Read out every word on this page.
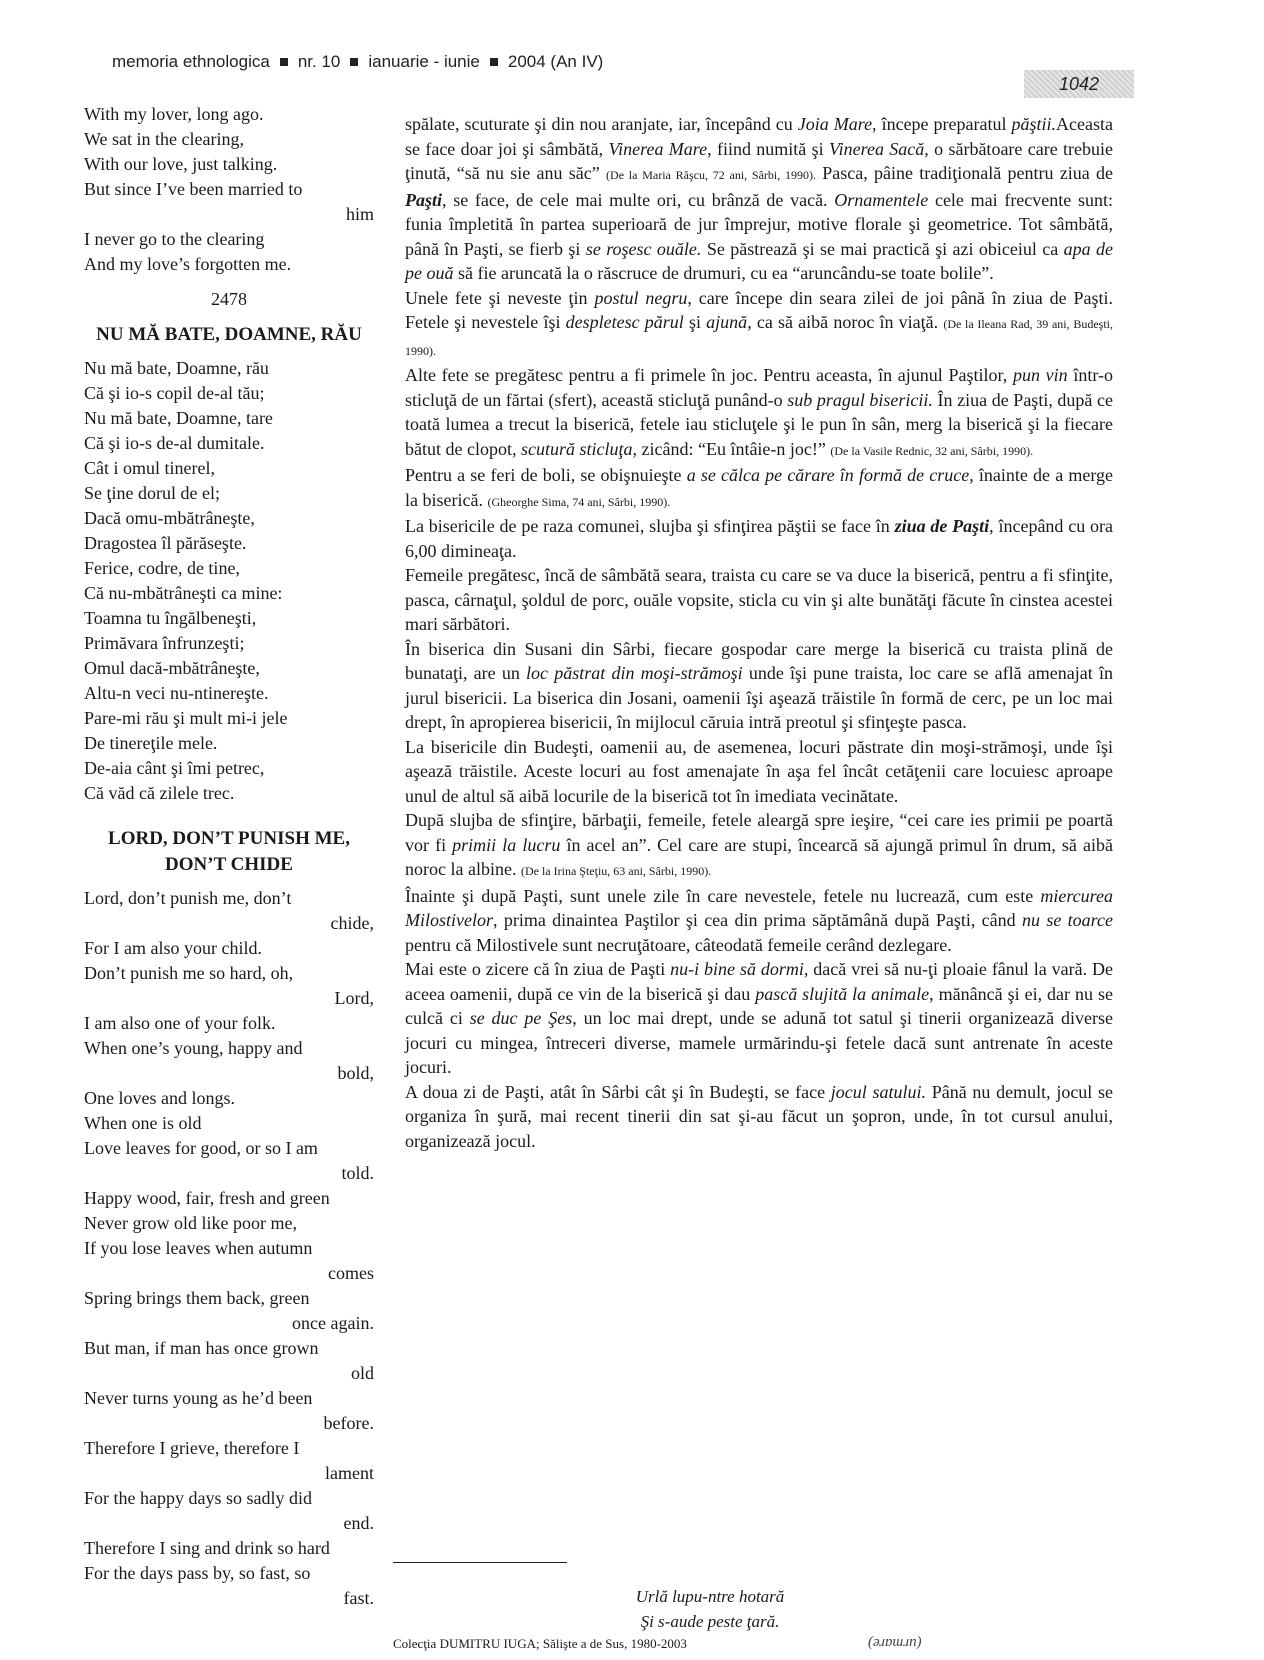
memoria ethnologica nr. 10 ianuarie - iunie 2004 (An IV)
1042
With my lover, long ago.
We sat in the clearing,
With our love, just talking.
But since I’ve been married to
him
I never go to the clearing
And my love’s forgotten me.
2478
NU MĂ BATE, DOAMNE, RĂU
Nu mă bate, Doamne, rău
Că şi io-s copil de-al tău;
Nu mă bate, Doamne, tare
Că şi io-s de-al dumitale.
Cât i omul tinerel,
Se ţine dorul de el;
Dacă omu-mbătrâneşte,
Dragostea îl părăseşte.
Ferice, codre, de tine,
Că nu-mbătrâneşti ca mine:
Toamna tu îngălbeneşti,
Primăvara înfrunzeşti;
Omul dacă-mbătrâneşte,
Altu-n veci nu-ntinereşte.
Pare-mi rău şi mult mi-i jele
De tinereţile mele.
De-aia cânt şi îmi petrec,
Că văd că zilele trec.
LORD, DON’T PUNISH ME, DON’T CHIDE
Lord, don’t punish me, don’t
chide,
For I am also your child.
Don’t punish me so hard, oh,
Lord,
I am also one of your folk.
When one’s young, happy and
bold,
One loves and longs.
When one is old
Love leaves for good, or so I am
told.
Happy wood, fair, fresh and green
Never grow old like poor me,
If you lose leaves when autumn
comes
Spring brings them back, green
once again.
But man, if man has once grown
old
Never turns young as he’d been
before.
Therefore I grieve, therefore I
lament
For the happy days so sadly did
end.
Therefore I sing and drink so hard
For the days pass by, so fast, so
fast.

spălate, scuturate şi din nou aranjate, iar, începând cu Joia Mare, începe preparatul păştii.Aceasta se face doar joi şi sâmbătă, Vinerea Mare, fiind numită şi Vinerea Sacă, o sărbătoare care trebuie ţinută, “să nu sie anu săc” (De la Maria Răşcu, 72 ani, Sârbi, 1990). Pasca, pâine tradiţională pentru ziua de Paşti, se face, de cele mai multe ori, cu brânză de vacă. Ornamentele cele mai frecvente sunt: funia împletită în partea superioară de jur împrejur, motive florale şi geometrice. Tot sâmbătă, până în Paşti, se fierb şi se roşesc ouăle. Se păstrează şi se mai practică şi azi obiceiul ca apa de pe ouă să fie aruncată la o răscruce de drumuri, cu ea “aruncându-se toate bolile”.

Unele fete şi neveste ţin postul negru, care începe din seara zilei de joi până în ziua de Paşti. Fetele şi nevestele îşi despletesc părul şi ajună, ca să aibă noroc în viaţă. (De la Ileana Rad, 39 ani, Budeşti, 1990).

Alte fete se pregătesc pentru a fi primele în joc. Pentru aceasta, în ajunul Paştilor, pun vin într-o sticluţă de un fărtai (sfert), această sticluţă punând-o sub pragul bisericii. În ziua de Paşti, după ce toată lumea a trecut la biserică, fetele iau sticluţele şi le pun în sân, merg la biserică şi la fiecare bătut de clopot, scutură sticluţa, zicând: “Eu întâie-n joc!” (De la Vasile Rednic, 32 ani, Sârbi, 1990).

Pentru a se feri de boli, se obişnuieşte a se călca pe cărare în formă de cruce, înainte de a merge la biserică. (Gheorghe Sima, 74 ani, Sârbi, 1990).

La bisericile de pe raza comunei, slujba şi sfinţirea păştii se face în ziua de Paşti, începând cu ora 6,00 dimineaţa.

Femeile pregătesc, încă de sâmbătă seara, traista cu care se va duce la biserică, pentru a fi sfinţite, pasca, cârnaţul, şoldul de porc, ouăle vopsite, sticla cu vin şi alte bunătăţi făcute în cinstea acestei mari sărbători.

În biserica din Susani din Sârbi, fiecare gospodar care merge la biserică cu traista plină de bunataţi, are un loc păstrat din moşi-strămoşi unde îşi pune traista, loc care se află amenajat în jurul bisericii. La biserica din Josani, oamenii îşi aşează trăistile în formă de cerc, pe un loc mai drept, în apropierea bisericii, în mijlocul căruia intră preotul şi sfinţeşte pasca.

La bisericile din Budeşti, oamenii au, de asemenea, locuri păstrate din moşi-strămoşi, unde îşi aşează trăistile. Aceste locuri au fost amenajate în aşa fel încât cetăţenii care locuiesc aproape unul de altul să aibă locurile de la biserică tot în imediata vecinătate.

După slujba de sfinţire, bărbaţii, femeile, fetele aleargă spre ieşire, “cei care ies primii pe poartă vor fi primii la lucru în acel an”. Cel care are stupi, încearcă să ajungă primul în drum, să aibă noroc la albine. (De la Irina Şteţiu, 63 ani, Sârbi, 1990).

Înainte şi după Paşti, sunt unele zile în care nevestele, fetele nu lucrează, cum este miercurea Milostivelor, prima dinaintea Paştilor şi cea din prima săptămână după Paşti, când nu se toarce pentru că Milostivele sunt necruţătoare, câteodată femeile cerând dezlegare.

Mai este o zicere că în ziua de Paşti nu-i bine să dormi, dacă vrei să nu-ţi ploaie fânul la vară. De aceea oamenii, după ce vin de la biserică şi dau pască slujită la animale, mănâncă şi ei, dar nu se culcă ci se duc pe Şes, un loc mai drept, unde se adună tot satul şi tinerii organizează diverse jocuri cu mingea, întreceri diverse, mamele urmărindu-şi fetele dacă sunt antrenate în aceste jocuri.

A doua zi de Paşti, atât în Sârbi cât şi în Budeşti, se face jocul satului. Până nu demult, jocul se organiza în şură, mai recent tinerii din sat şi-au făcut un şopron, unde, în tot cursul anului, organizează jocul.

Urlă lupu-ntre hotară
Şi s-aude peste ţară.
Colecţia DUMITRU IUGA; Sălişte a de Sus, 1980-2003	(urmare)
